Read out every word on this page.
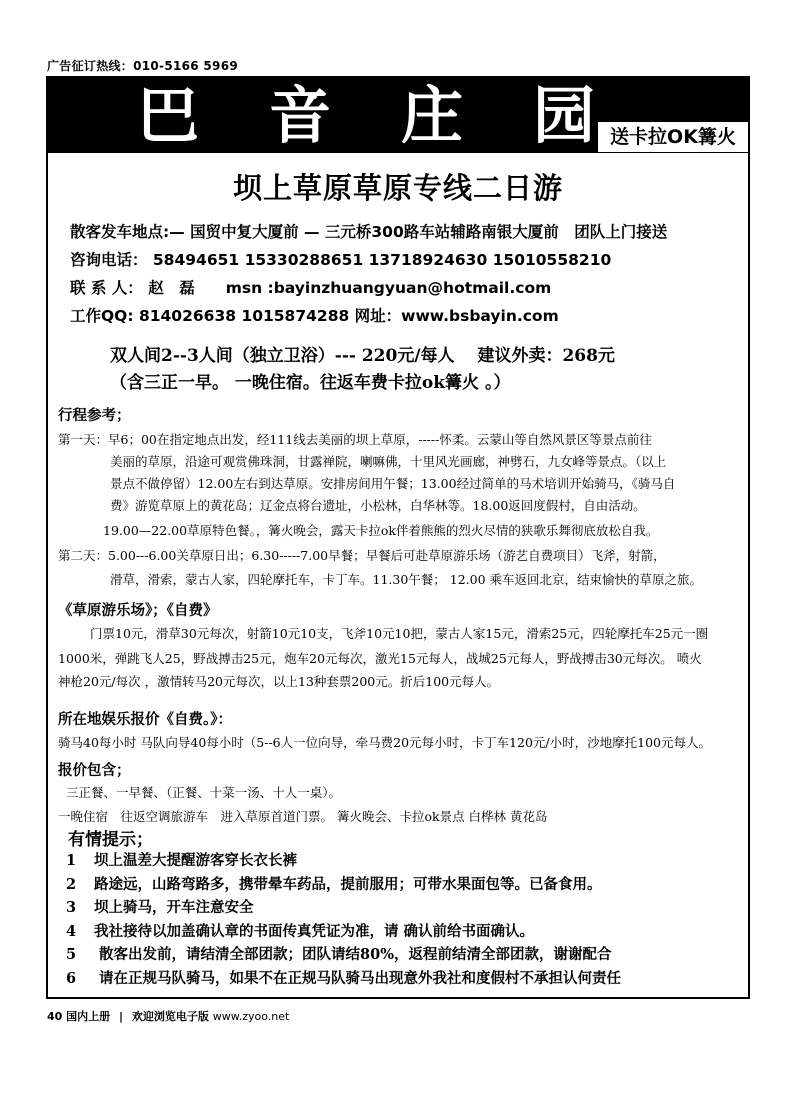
广告征订热线：010-5166 5969
巴	音	庄	园 送卡拉OK篝火
坝上草原草原专线二日游
散客发车地点:— 国贸中复大厦前 — 三元桥300路车站辅路南银大厦前　团队上门接送
咨询电话： 58494651 15330288651 13718924630 15010558210
联 系 人： 赵　磊　　msn :bayinzhuangyuan@hotmail.com
工作QQ: 814026638 1015874288 网址：www.bsbayin.com
双人间2--3人间（独立卫浴）--- 220元/每人　 建议外卖：268元
（含三正一早。 一晚住宿。往返车费卡拉ok篝火 。）
行程参考；
第一天：早6；00在指定地点出发，经111线去美丽的坝上草原，-----怀柔。云蒙山等自然风景区等景点前往
美丽的草原，沿途可观赏佛珠洞，甘露禅院，喇嘛佛，十里风光画廊，神劈石，九女峰等景点。（以上
景点不做停留）12.00左右到达草原。安排房间用午餐；13.00经过简单的马术培训开始骑马，《骑马自
费》游览草原上的黄花岛；辽金点将台遗址，小松林，白华林等。18.00返回度假村，自由活动。
19.00—22.00草原特色餐。，篝火晚会，露天卡拉ok伴着熊熊的烈火尽情的狭歌乐舞彻底放松自我。
第二天：5.00---6.00关草原日出；6.30-----7.00早餐；早餐后可赴草原游乐场（游艺自费项目）飞斧，射箭，
滑草，滑索，蒙古人家，四轮摩托车，卡丁车。11.30午餐； 12.00 乘车返回北京，结束愉快的草原之旅。
《草原游乐场》；《自费》
门票10元，滑草30元每次，射箭10元10支，飞斧10元10把，蒙古人家15元，滑索25元，四轮摩托车25元一圈
1000米，弹跳飞人25，野战搏击25元，炮车20元每次，激光15元每人，战城25元每人，野战搏击30元每次。 喷火
神枪20元/每次 ，激情转马20元每次，以上13种套票200元。折后100元每人。
所在地娱乐报价《自费。》：
骑马40每小时 马队向导40每小时（5--6人一位向导，牵马费20元每小时，卡丁车120元/小时，沙地摩托100元每人。
报价包含；
三正餐、一早餐、（正餐、十菜一汤、十人一桌）。
一晚住宿　往返空调旅游车　进入草原首道门票。 篝火晚会、卡拉ok景点 白桦林 黄花岛
有情提示；
1 坝上温差大提醒游客穿长衣长裤
2 路途远，山路弯路多，携带晕车药品，提前服用；可带水果面包等。已备食用。
3 坝上骑马，开车注意安全
4 我社接待以加盖确认章的书面传真凭证为准，请 确认前给书面确认。
5 散客出发前，请结清全部团款；团队请结80%，返程前结清全部团款，谢谢配合
6 请在正规马队骑马，如果不在正规马队骑马出现意外我社和度假村不承担认何责任
40 国内上册 | 欢迎浏览电子版 www.zyoo.net
